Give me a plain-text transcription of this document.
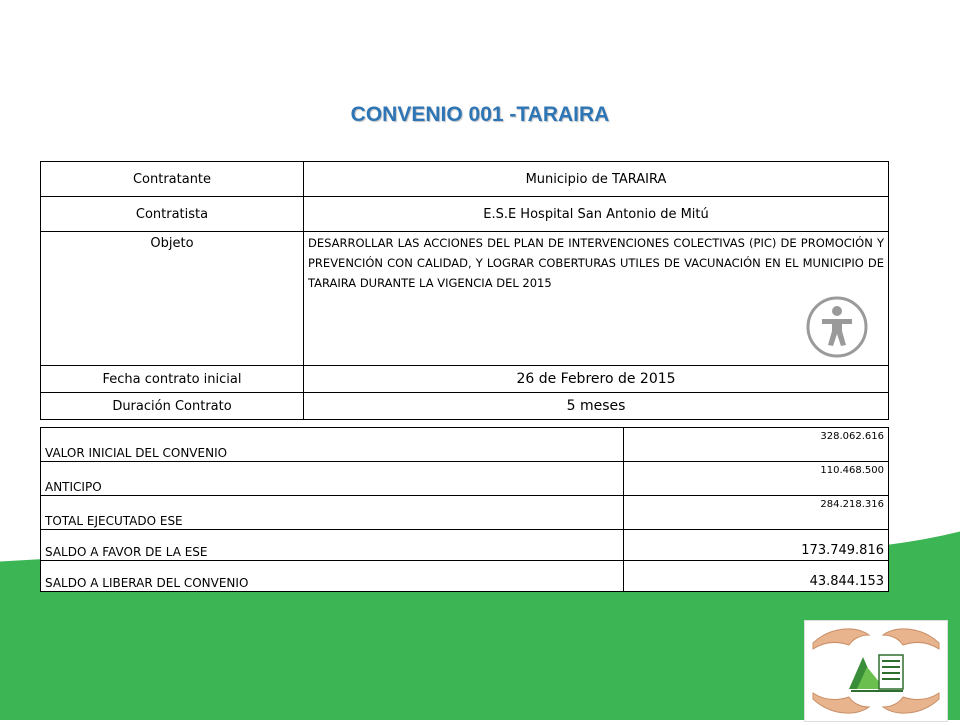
CONVENIO 001 -TARAIRA
Contratante	Municipio de TARAIRA
Contratista	E.S.E Hospital San Antonio de Mitú
Objeto	DESARROLLAR LAS ACCIONES DEL PLAN DE INTERVENCIONES COLECTIVAS (PIC) DE PROMOCIÓN Y PREVENCIÓN CON CALIDAD, Y LOGRAR COBERTURAS UTILES DE VACUNACIÓN EN EL MUNICIPIO DE TARAIRA DURANTE LA VIGENCIA DEL 2015
Fecha contrato inicial	26 de Febrero de 2015
Duración Contrato	5 meses
VALOR INICIAL DEL CONVENIO	328.062.616
ANTICIPO	110.468.500
TOTAL EJECUTADO ESE	284.218.316
SALDO A FAVOR DE LA ESE	173.749.816
SALDO A LIBERAR DEL CONVENIO	43.844.153
